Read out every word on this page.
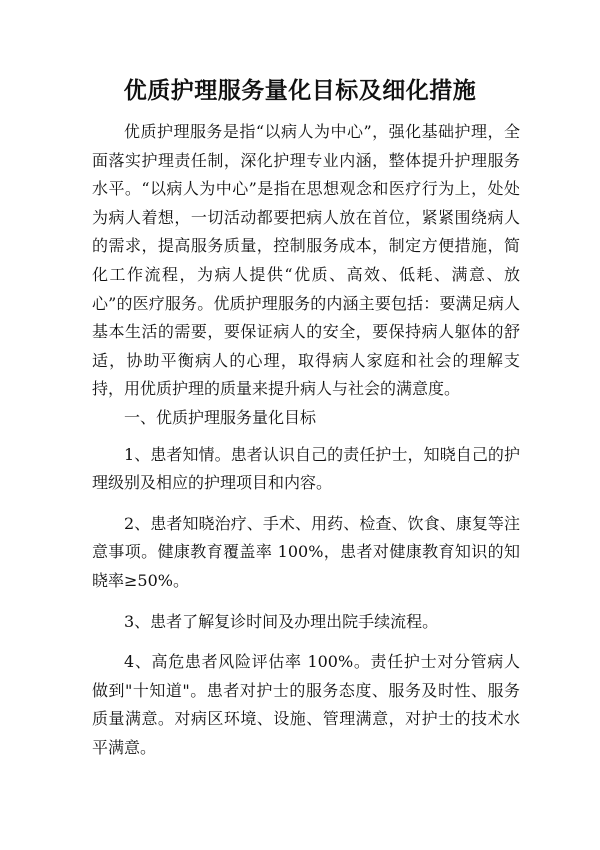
优质护理服务量化目标及细化措施

优质护理服务是指“以病人为中心”，强化基础护理，全面落实护理责任制，深化护理专业内涵，整体提升护理服务水平。“以病人为中心”是指在思想观念和医疗行为上，处处为病人着想，一切活动都要把病人放在首位，紧紧围绕病人的需求，提高服务质量，控制服务成本，制定方便措施，简化工作流程，为病人提供“优质、高效、低耗、满意、放心”的医疗服务。优质护理服务的内涵主要包括：要满足病人基本生活的需要，要保证病人的安全，要保持病人躯体的舒适，协助平衡病人的心理，取得病人家庭和社会的理解支持，用优质护理的质量来提升病人与社会的满意度。

一、优质护理服务量化目标

1、患者知情。患者认识自己的责任护士，知晓自己的护理级别及相应的护理项目和内容。

2、患者知晓治疗、手术、用药、检查、饮食、康复等注意事项。健康教育覆盖率 100%，患者对健康教育知识的知晓率≥50%。

3、患者了解复诊时间及办理出院手续流程。

4、高危患者风险评估率 100%。责任护士对分管病人做到"十知道"。患者对护士的服务态度、服务及时性、服务质量满意。对病区环境、设施、管理满意，对护士的技术水平满意。
